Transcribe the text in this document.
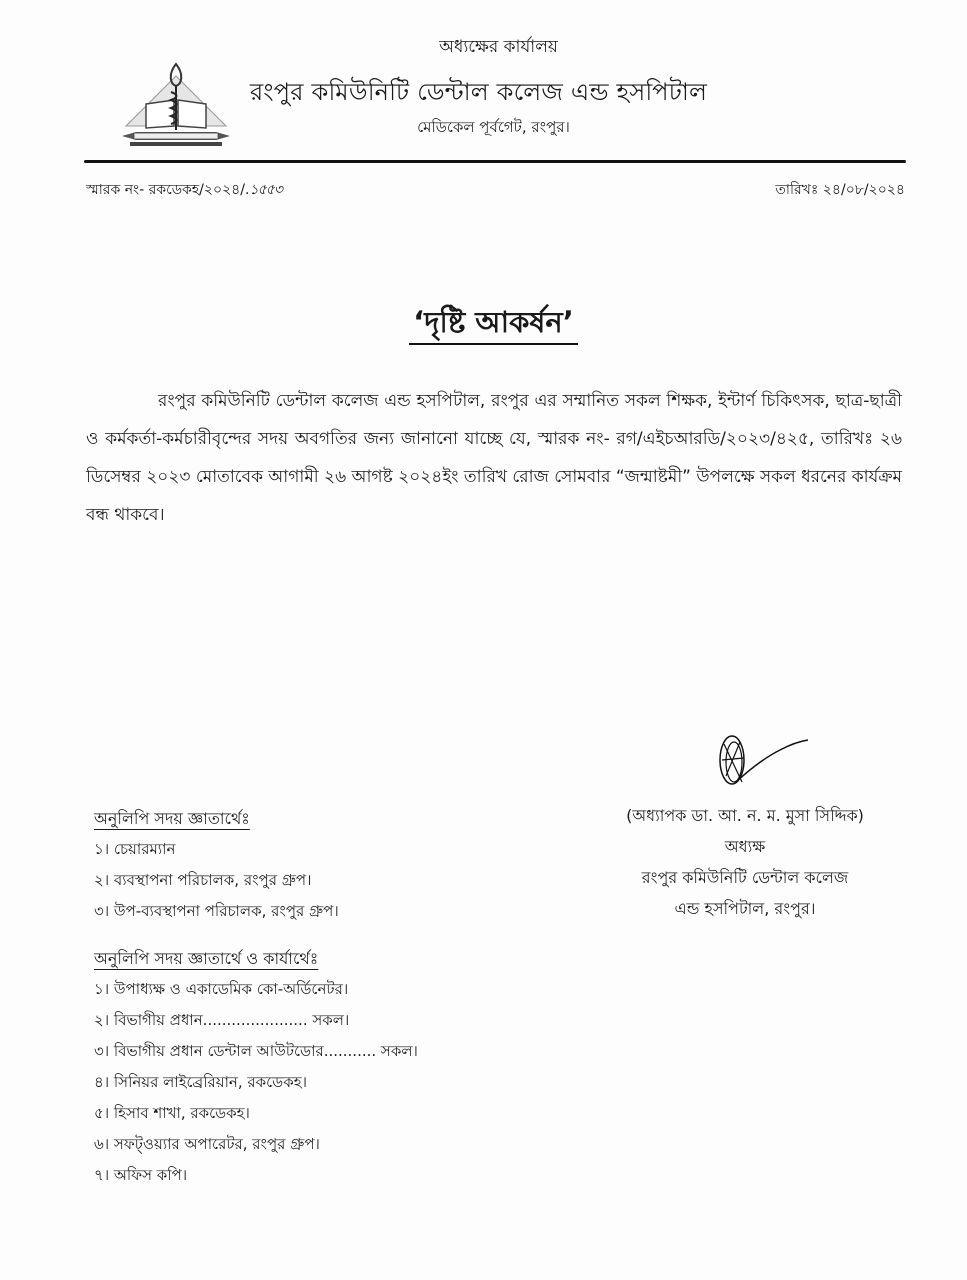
অধ্যক্ষের কার্যালয়
রংপুর কমিউনিটি ডেন্টাল কলেজ এন্ড হসপিটাল
মেডিকেল পূর্বগেট, রংপুর।
স্মারক নং- রকডেকহ/২০২৪/.১৫৫৩	তারিখঃ ২৪/০৮/২০২৪
‘দৃষ্টি আকর্ষন’
রংপুর কমিউনিটি ডেন্টাল কলেজ এন্ড হসপিটাল, রংপুর এর সম্মানিত সকল শিক্ষক, ইন্টার্ণ চিকিৎসক, ছাত্র-ছাত্রী ও কর্মকর্তা-কর্মচারীবৃন্দের সদয় অবগতির জন্য জানানো যাচ্ছে যে, স্মারক নং- রগ/এইচআরডি/২০২৩/৪২৫, তারিখঃ ২৬ ডিসেম্বর ২০২৩ মোতাবেক আগামী ২৬ আগষ্ট ২০২৪ইং তারিখ রোজ সোমবার “জন্মাষ্টমী” উপলক্ষে সকল ধরনের কার্যক্রম বন্ধ থাকবে।
(অধ্যাপক ডা. আ. ন. ম. মুসা সিদ্দিক)
অধ্যক্ষ
রংপুর কমিউনিটি ডেন্টাল কলেজ
এন্ড হসপিটাল, রংপুর।
অনুলিপি সদয় জ্ঞাতার্থেঃ
১। চেয়ারম্যান
২। ব্যবস্থাপনা পরিচালক, রংপুর গ্রুপ।
৩। উপ-ব্যবস্থাপনা পরিচালক, রংপুর গ্রুপ।
অনুলিপি সদয় জ্ঞাতার্থে ও কার্যার্থেঃ
১। উপাধ্যক্ষ ও একাডেমিক কো-অর্ডিনেটর।
২। বিভাগীয় প্রধান...................... সকল।
৩। বিভাগীয় প্রধান ডেন্টাল আউটডোর........... সকল।
৪। সিনিয়র লাইব্রেরিয়ান, রকডেকহ।
৫। হিসাব শাখা, রকডেকহ।
৬। সফট্ওয়্যার অপারেটর, রংপুর গ্রুপ।
৭। অফিস কপি।
